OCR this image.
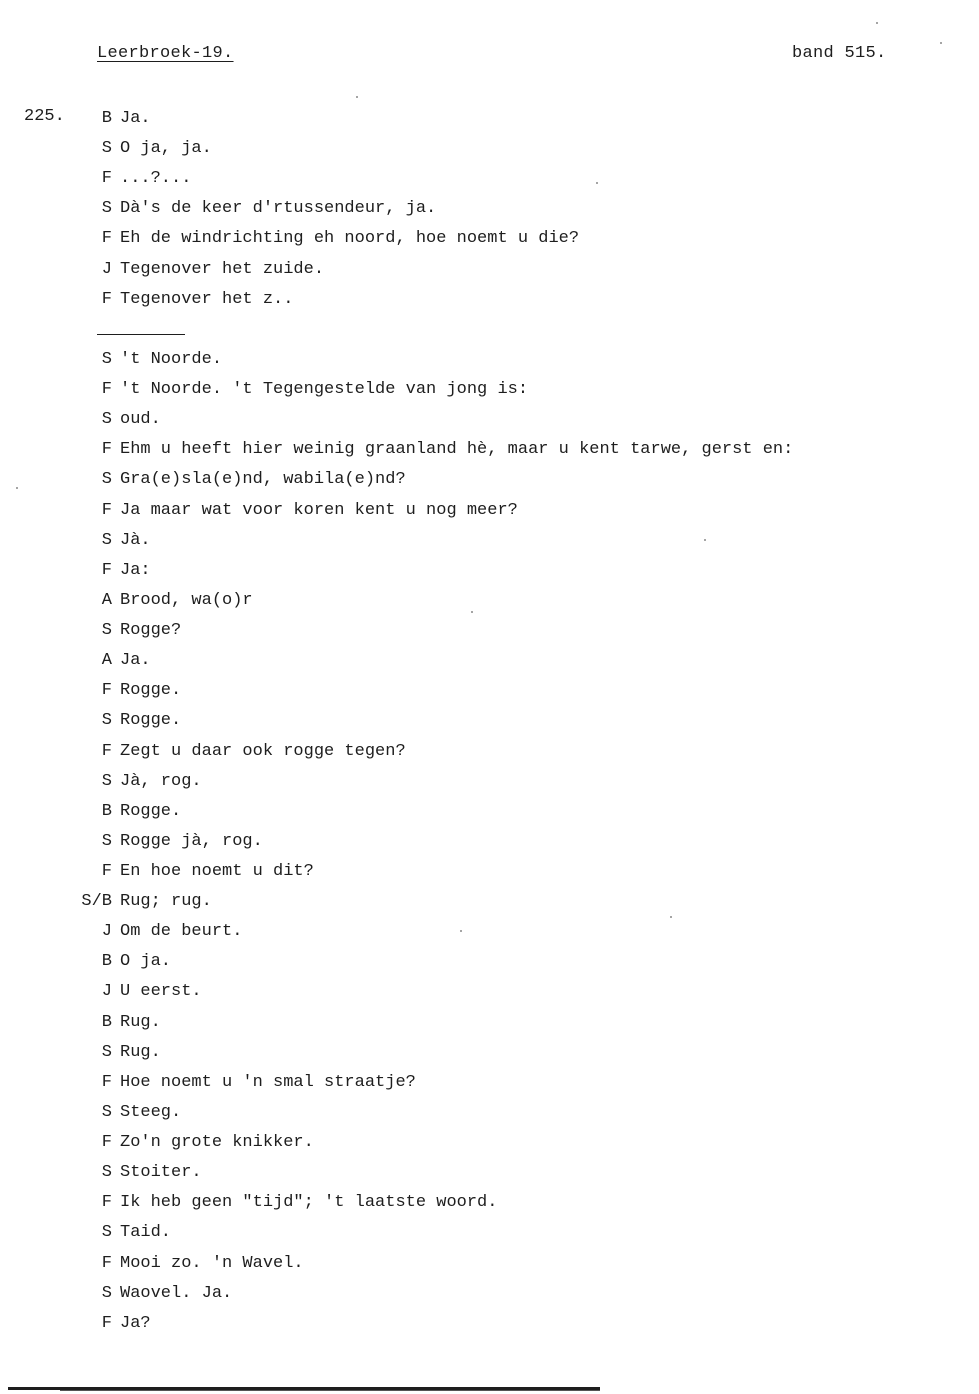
Leerbroek-19.	band 515.
225.	B Ja.
S O ja, ja.
F ...?...
S Dà's de keer d'rtussendeur, ja.
F Eh de windrichting eh noord, hoe noemt u die?
J Tegenover het zuide.
F Tegenover het z..
S 't Noorde.
F 't Noorde. 't Tegengestelde van jong is:
S oud.
F Ehm u heeft hier weinig graanland hè, maar u kent tarwe, gerst en:
S Gra(e)sla(e)nd, wabila(e)nd?
F Ja maar wat voor koren kent u nog meer?
S Jà.
F Ja:
A Brood, wa(o)r
S Rogge?
A Ja.
F Rogge.
S Rogge.
F Zegt u daar ook rogge tegen?
S Jà, rog.
B Rogge.
S Rogge jà, rog.
F En hoe noemt u dit?
S/B Rug; rug.
J Om de beurt.
B O ja.
J U eerst.
B Rug.
S Rug.
F Hoe noemt u 'n smal straatje?
S Steeg.
F Zo'n grote knikker.
S Stoiter.
F Ik heb geen "tijd"; 't laatste woord.
S Taid.
F Mooi zo. 'n Wavel.
S Waovel. Ja.
F Ja?
